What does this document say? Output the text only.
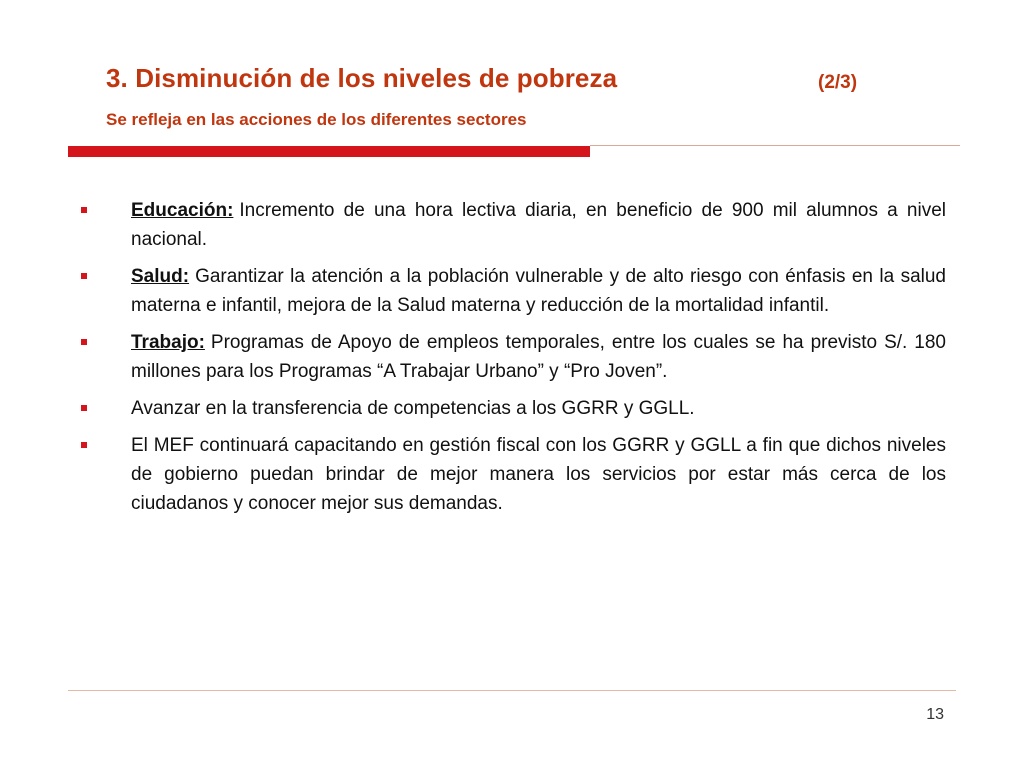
3. Disminución de los niveles de pobreza	(2/3)
Se refleja en las acciones de los diferentes sectores
Educación: Incremento de una hora lectiva diaria, en beneficio de 900 mil alumnos a nivel nacional.
Salud: Garantizar la atención a la población vulnerable y de alto riesgo con énfasis en la salud materna e infantil, mejora de la Salud materna y reducción de la mortalidad infantil.
Trabajo: Programas de Apoyo de empleos temporales, entre los cuales se ha previsto S/. 180 millones para los Programas “A Trabajar Urbano” y “Pro Joven”.
Avanzar en la transferencia de competencias a los GGRR y GGLL.
El MEF continuará capacitando en gestión fiscal con los GGRR y GGLL a fin que dichos niveles de gobierno puedan brindar de mejor manera los servicios por estar más cerca de los ciudadanos y conocer mejor sus demandas.
13
